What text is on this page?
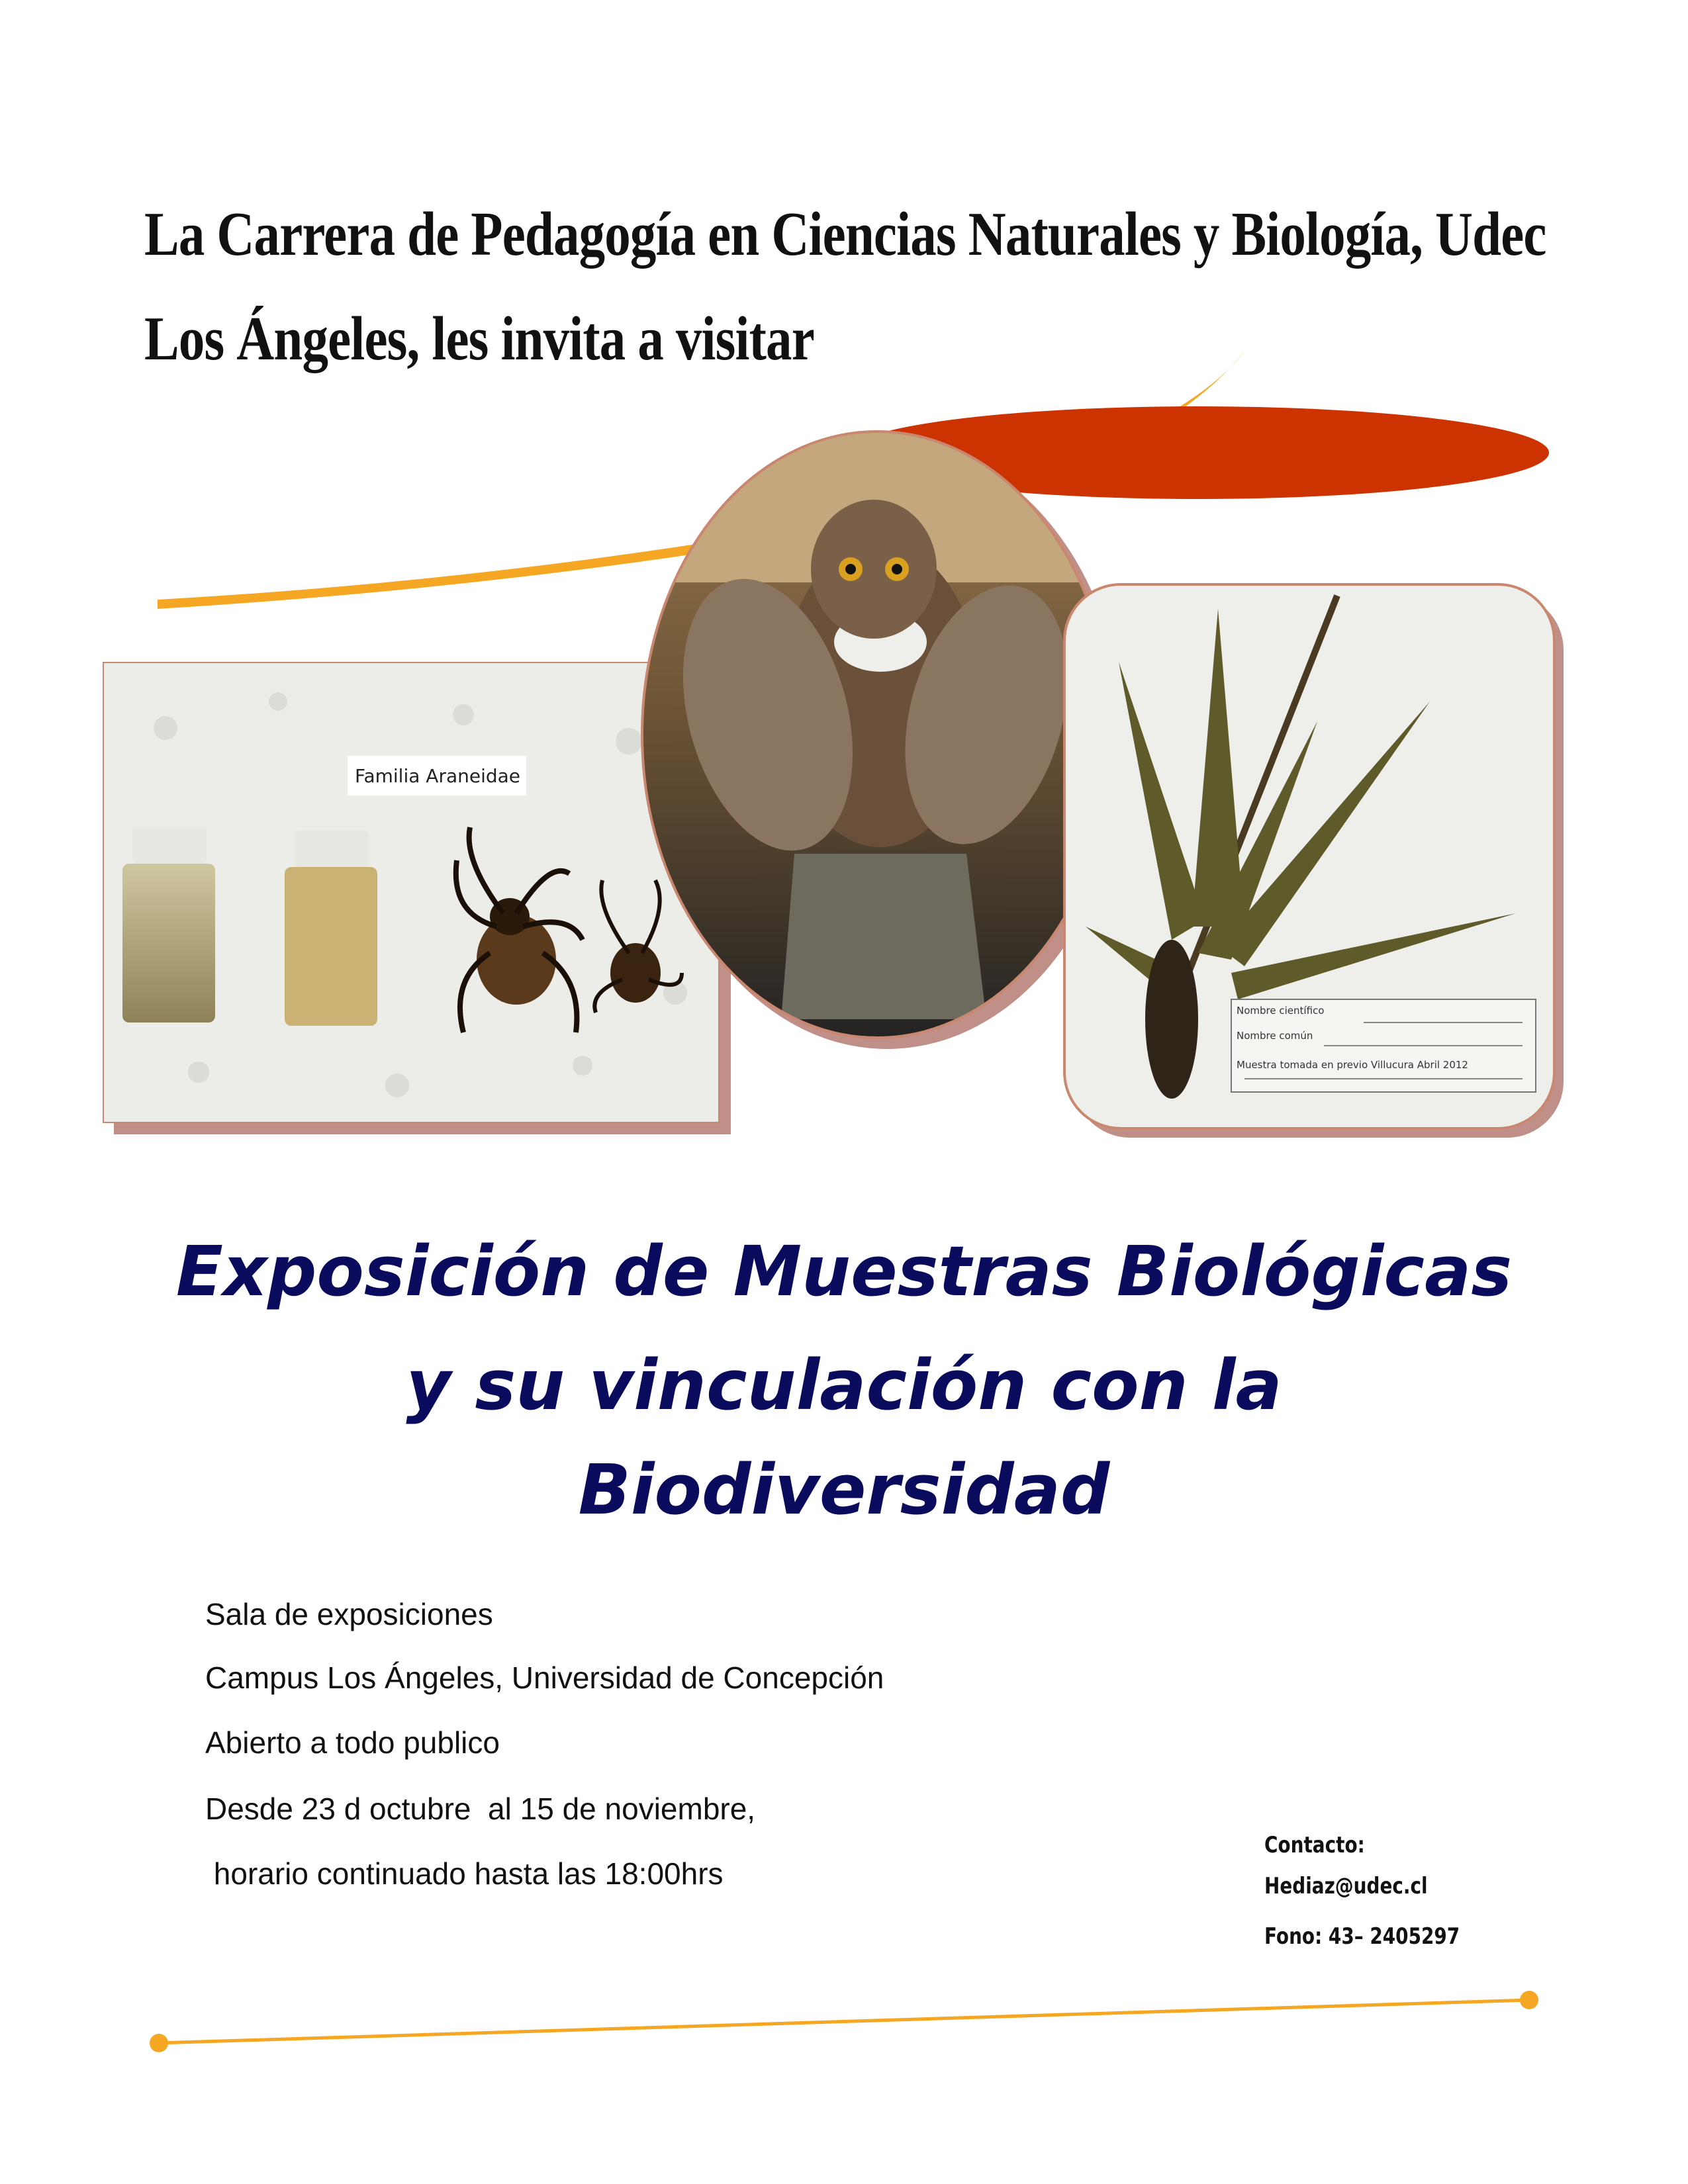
La Carrera de Pedagogía en Ciencias Naturales y Biología, Udec
Los Ángeles, les invita a visitar
Familia Araneidae
Nombre científico
Nombre común
Muestra tomada en previo Villucura Abril 2012
Exposición de Muestras Biológicas
y su vinculación con la
Biodiversidad
Sala de exposiciones
Campus Los Ángeles, Universidad de Concepción
Abierto a todo publico
Desde 23 d octubre  al 15 de noviembre,
horario continuado hasta las 18:00hrs
Contacto:
Hediaz@udec.cl
Fono: 43– 2405297
